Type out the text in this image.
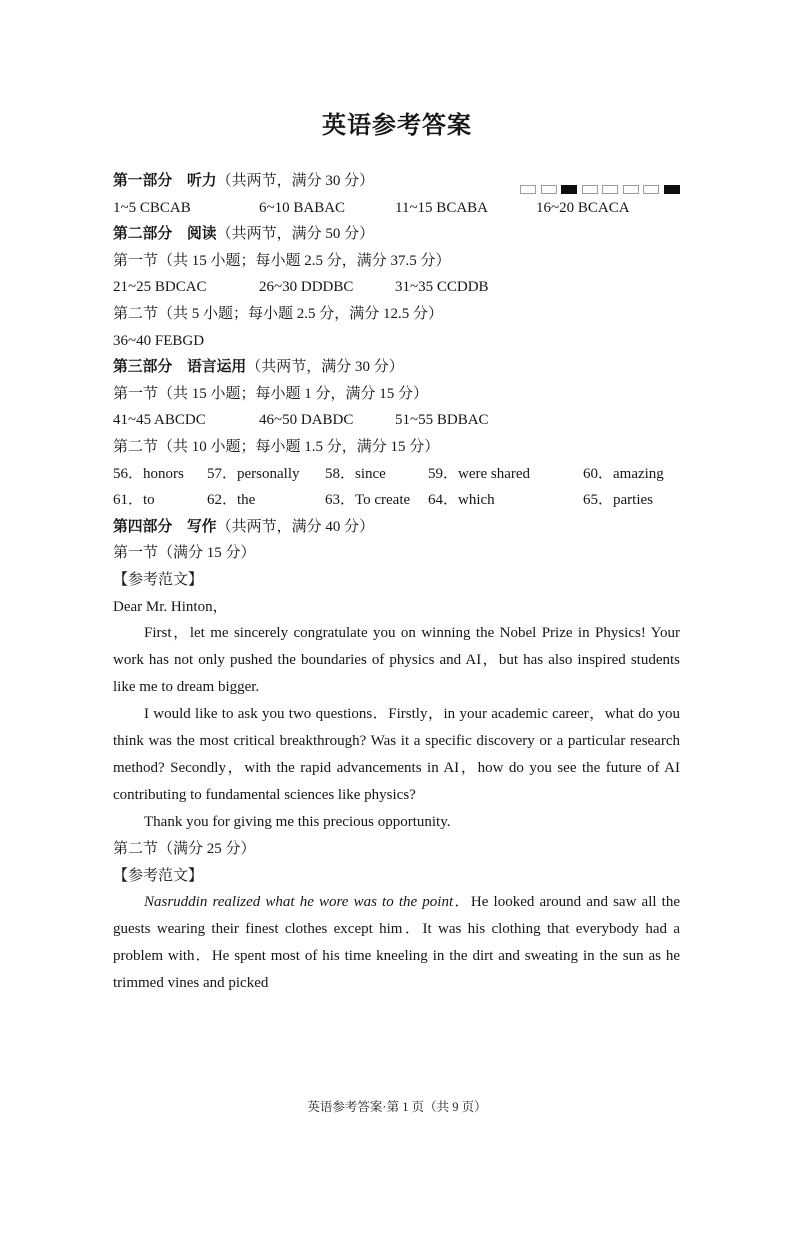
英语参考答案
第一部分　听力（共两节，满分 30 分）
1~5 CBCAB	6~10 BABAC	11~15 BCABA	16~20 BCACA
第二部分　阅读（共两节，满分 50 分）
第一节（共 15 小题；每小题 2.5 分，满分 37.5 分）
21~25 BDCAC	26~30 DDDBC	31~35 CCDDB
第二节（共 5 小题；每小题 2.5 分，满分 12.5 分）
36~40 FEBGD
第三部分　语言运用（共两节，满分 30 分）
第一节（共 15 小题；每小题 1 分，满分 15 分）
41~45 ABCDC	46~50 DABDC	51~55 BDBAC
第二节（共 10 小题；每小题 1.5 分，满分 15 分）
56．honors	57．personally	58．since	59．were shared	60．amazing
61．to	62．the	63．To create	64．which	65．parties
第四部分　写作（共两节，满分 40 分）
第一节（满分 15 分）
【参考范文】
Dear Mr. Hinton，

First，let me sincerely congratulate you on winning the Nobel Prize in Physics! Your work has not only pushed the boundaries of physics and AI，but has also inspired students like me to dream bigger.

I would like to ask you two questions．Firstly，in your academic career，what do you think was the most critical breakthrough? Was it a specific discovery or a particular research method? Secondly，with the rapid advancements in AI，how do you see the future of AI contributing to fundamental sciences like physics?

Thank you for giving me this precious opportunity.

第二节（满分 25 分）
【参考范文】

Nasruddin realized what he wore was to the point．He looked around and saw all the guests wearing their finest clothes except him．It was his clothing that everybody had a problem with．He spent most of his time kneeling in the dirt and sweating in the sun as he trimmed vines and picked

英语参考答案·第 1 页（共 9 页）
